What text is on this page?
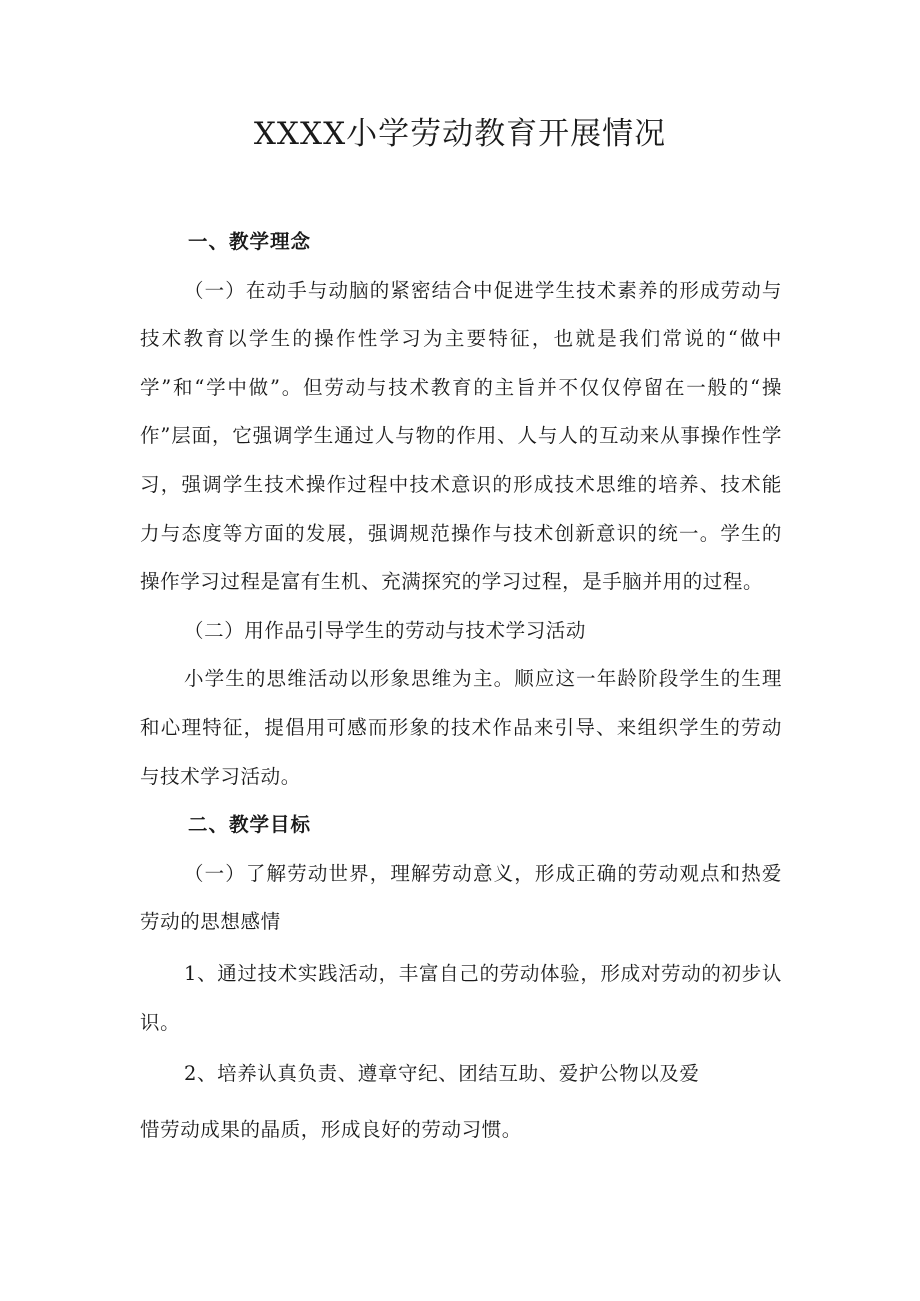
XXXX小学劳动教育开展情况

一、教学理念

（一）在动手与动脑的紧密结合中促进学生技术素养的形成劳动与技术教育以学生的操作性学习为主要特征，也就是我们常说的“做中学”和“学中做”。但劳动与技术教育的主旨并不仅仅停留在一般的“操作”层面，它强调学生通过人与物的作用、人与人的互动来从事操作性学习，强调学生技术操作过程中技术意识的形成技术思维的培养、技术能力与态度等方面的发展，强调规范操作与技术创新意识的统一。学生的操作学习过程是富有生机、充满探究的学习过程，是手脑并用的过程。

（二）用作品引导学生的劳动与技术学习活动

小学生的思维活动以形象思维为主。顺应这一年龄阶段学生的生理和心理特征，提倡用可感而形象的技术作品来引导、来组织学生的劳动与技术学习活动。

二、教学目标

（一）了解劳动世界，理解劳动意义，形成正确的劳动观点和热爱劳动的思想感情

1、通过技术实践活动，丰富自己的劳动体验，形成对劳动的初步认识。

2、培养认真负责、遵章守纪、团结互助、爱护公物以及爱

惜劳动成果的晶质，形成良好的劳动习惯。
